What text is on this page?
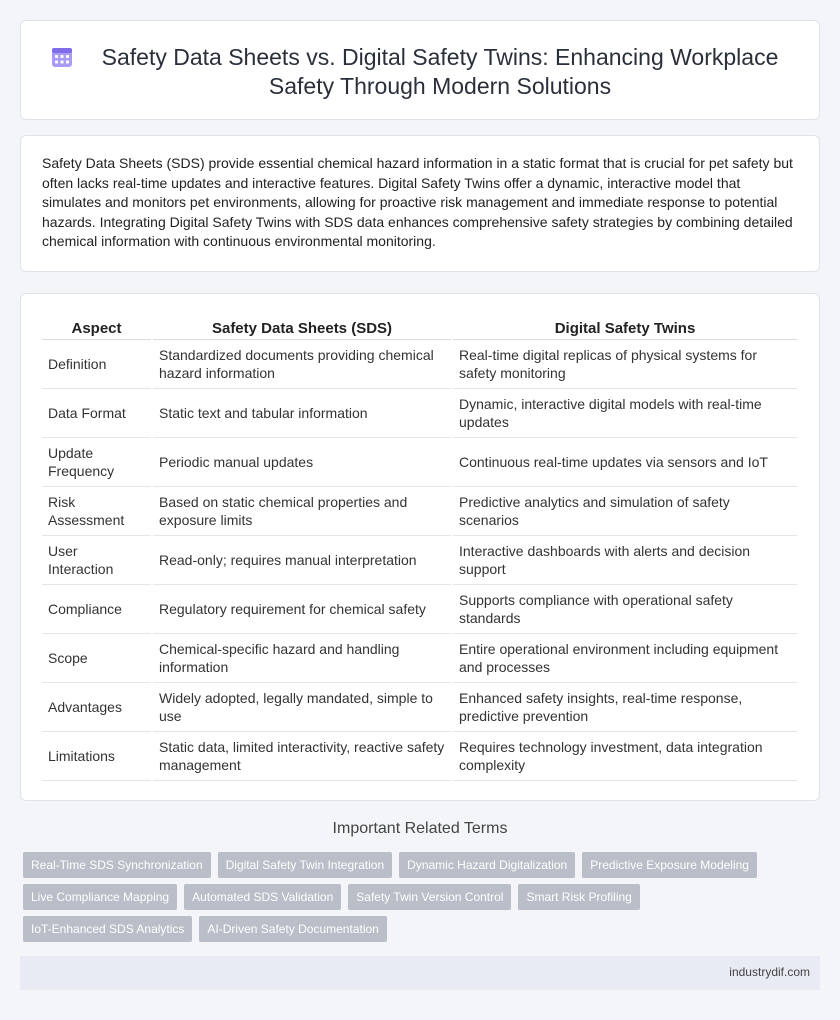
Safety Data Sheets vs. Digital Safety Twins: Enhancing Workplace Safety Through Modern Solutions
Safety Data Sheets (SDS) provide essential chemical hazard information in a static format that is crucial for pet safety but often lacks real-time updates and interactive features. Digital Safety Twins offer a dynamic, interactive model that simulates and monitors pet environments, allowing for proactive risk management and immediate response to potential hazards. Integrating Digital Safety Twins with SDS data enhances comprehensive safety strategies by combining detailed chemical information with continuous environmental monitoring.
Aspect	Safety Data Sheets (SDS)	Digital Safety Twins
Definition	Standardized documents providing chemical hazard information	Real-time digital replicas of physical systems for safety monitoring
Data Format	Static text and tabular information	Dynamic, interactive digital models with real-time updates
Update Frequency	Periodic manual updates	Continuous real-time updates via sensors and IoT
Risk Assessment	Based on static chemical properties and exposure limits	Predictive analytics and simulation of safety scenarios
User Interaction	Read-only; requires manual interpretation	Interactive dashboards with alerts and decision support
Compliance	Regulatory requirement for chemical safety	Supports compliance with operational safety standards
Scope	Chemical-specific hazard and handling information	Entire operational environment including equipment and processes
Advantages	Widely adopted, legally mandated, simple to use	Enhanced safety insights, real-time response, predictive prevention
Limitations	Static data, limited interactivity, reactive safety management	Requires technology investment, data integration complexity
Important Related Terms
Real-Time SDS Synchronization	Digital Safety Twin Integration	Dynamic Hazard Digitalization	Predictive Exposure Modeling
Live Compliance Mapping	Automated SDS Validation	Safety Twin Version Control	Smart Risk Profiling
IoT-Enhanced SDS Analytics	AI-Driven Safety Documentation
industrydif.com
